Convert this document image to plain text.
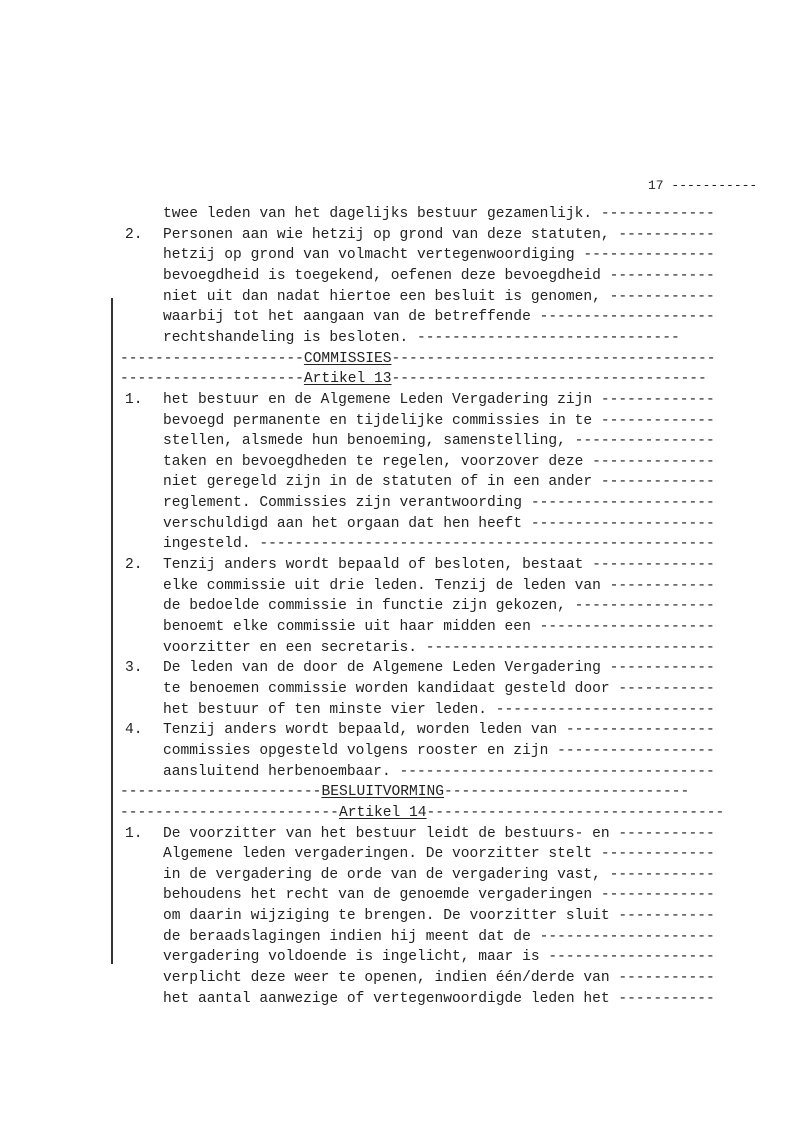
17 -----------
twee leden van het dagelijks bestuur gezamenlijk. -------------
2. Personen aan wie hetzij op grond van deze statuten, -----------
hetzij op grond van volmacht vertegenwoordiging ---------------
bevoegdheid is toegekend, oefenen deze bevoegdheid ------------
niet uit dan nadat hiertoe een besluit is genomen, ------------
waarbij tot het aangaan van de betreffende --------------------
rechtshandeling is besloten. ------------------------------
---------------------COMMISSIES-------------------------------------
---------------------Artikel 13------------------------------------
1. het bestuur en de Algemene Leden Vergadering zijn -------------
bevoegd permanente en tijdelijke commissies in te -------------
stellen, alsmede hun benoeming, samenstelling, ----------------
taken en bevoegdheden te regelen, voorzover deze --------------
niet geregeld zijn in de statuten of in een ander -------------
reglement. Commissies zijn verantwoording ---------------------
verschuldigd aan het orgaan dat hen heeft ---------------------
ingesteld. ----------------------------------------------------
2. Tenzij anders wordt bepaald of besloten, bestaat --------------
elke commissie uit drie leden. Tenzij de leden van ------------
de bedoelde commissie in functie zijn gekozen, ----------------
benoemt elke commissie uit haar midden een --------------------
voorzitter en een secretaris. ---------------------------------
3. De leden van de door de Algemene Leden Vergadering ------------
te benoemen commissie worden kandidaat gesteld door -----------
het bestuur of ten minste vier leden. -------------------------
4. Tenzij anders wordt bepaald, worden leden van -----------------
commissies opgesteld volgens rooster en zijn ------------------
aansluitend herbenoembaar. ------------------------------------
-----------------------BESLUITVORMING----------------------------
-------------------------Artikel 14----------------------------------
1. De voorzitter van het bestuur leidt de bestuurs- en -----------
Algemene leden vergaderingen. De voorzitter stelt -------------
in de vergadering de orde van de vergadering vast, ------------
behoudens het recht van de genoemde vergaderingen -------------
om daarin wijziging te brengen. De voorzitter sluit -----------
de beraadslagingen indien hij meent dat de --------------------
vergadering voldoende is ingelicht, maar is -------------------
verplicht deze weer te openen, indien één/derde van -----------
het aantal aanwezige of vertegenwoordigde leden het -----------
